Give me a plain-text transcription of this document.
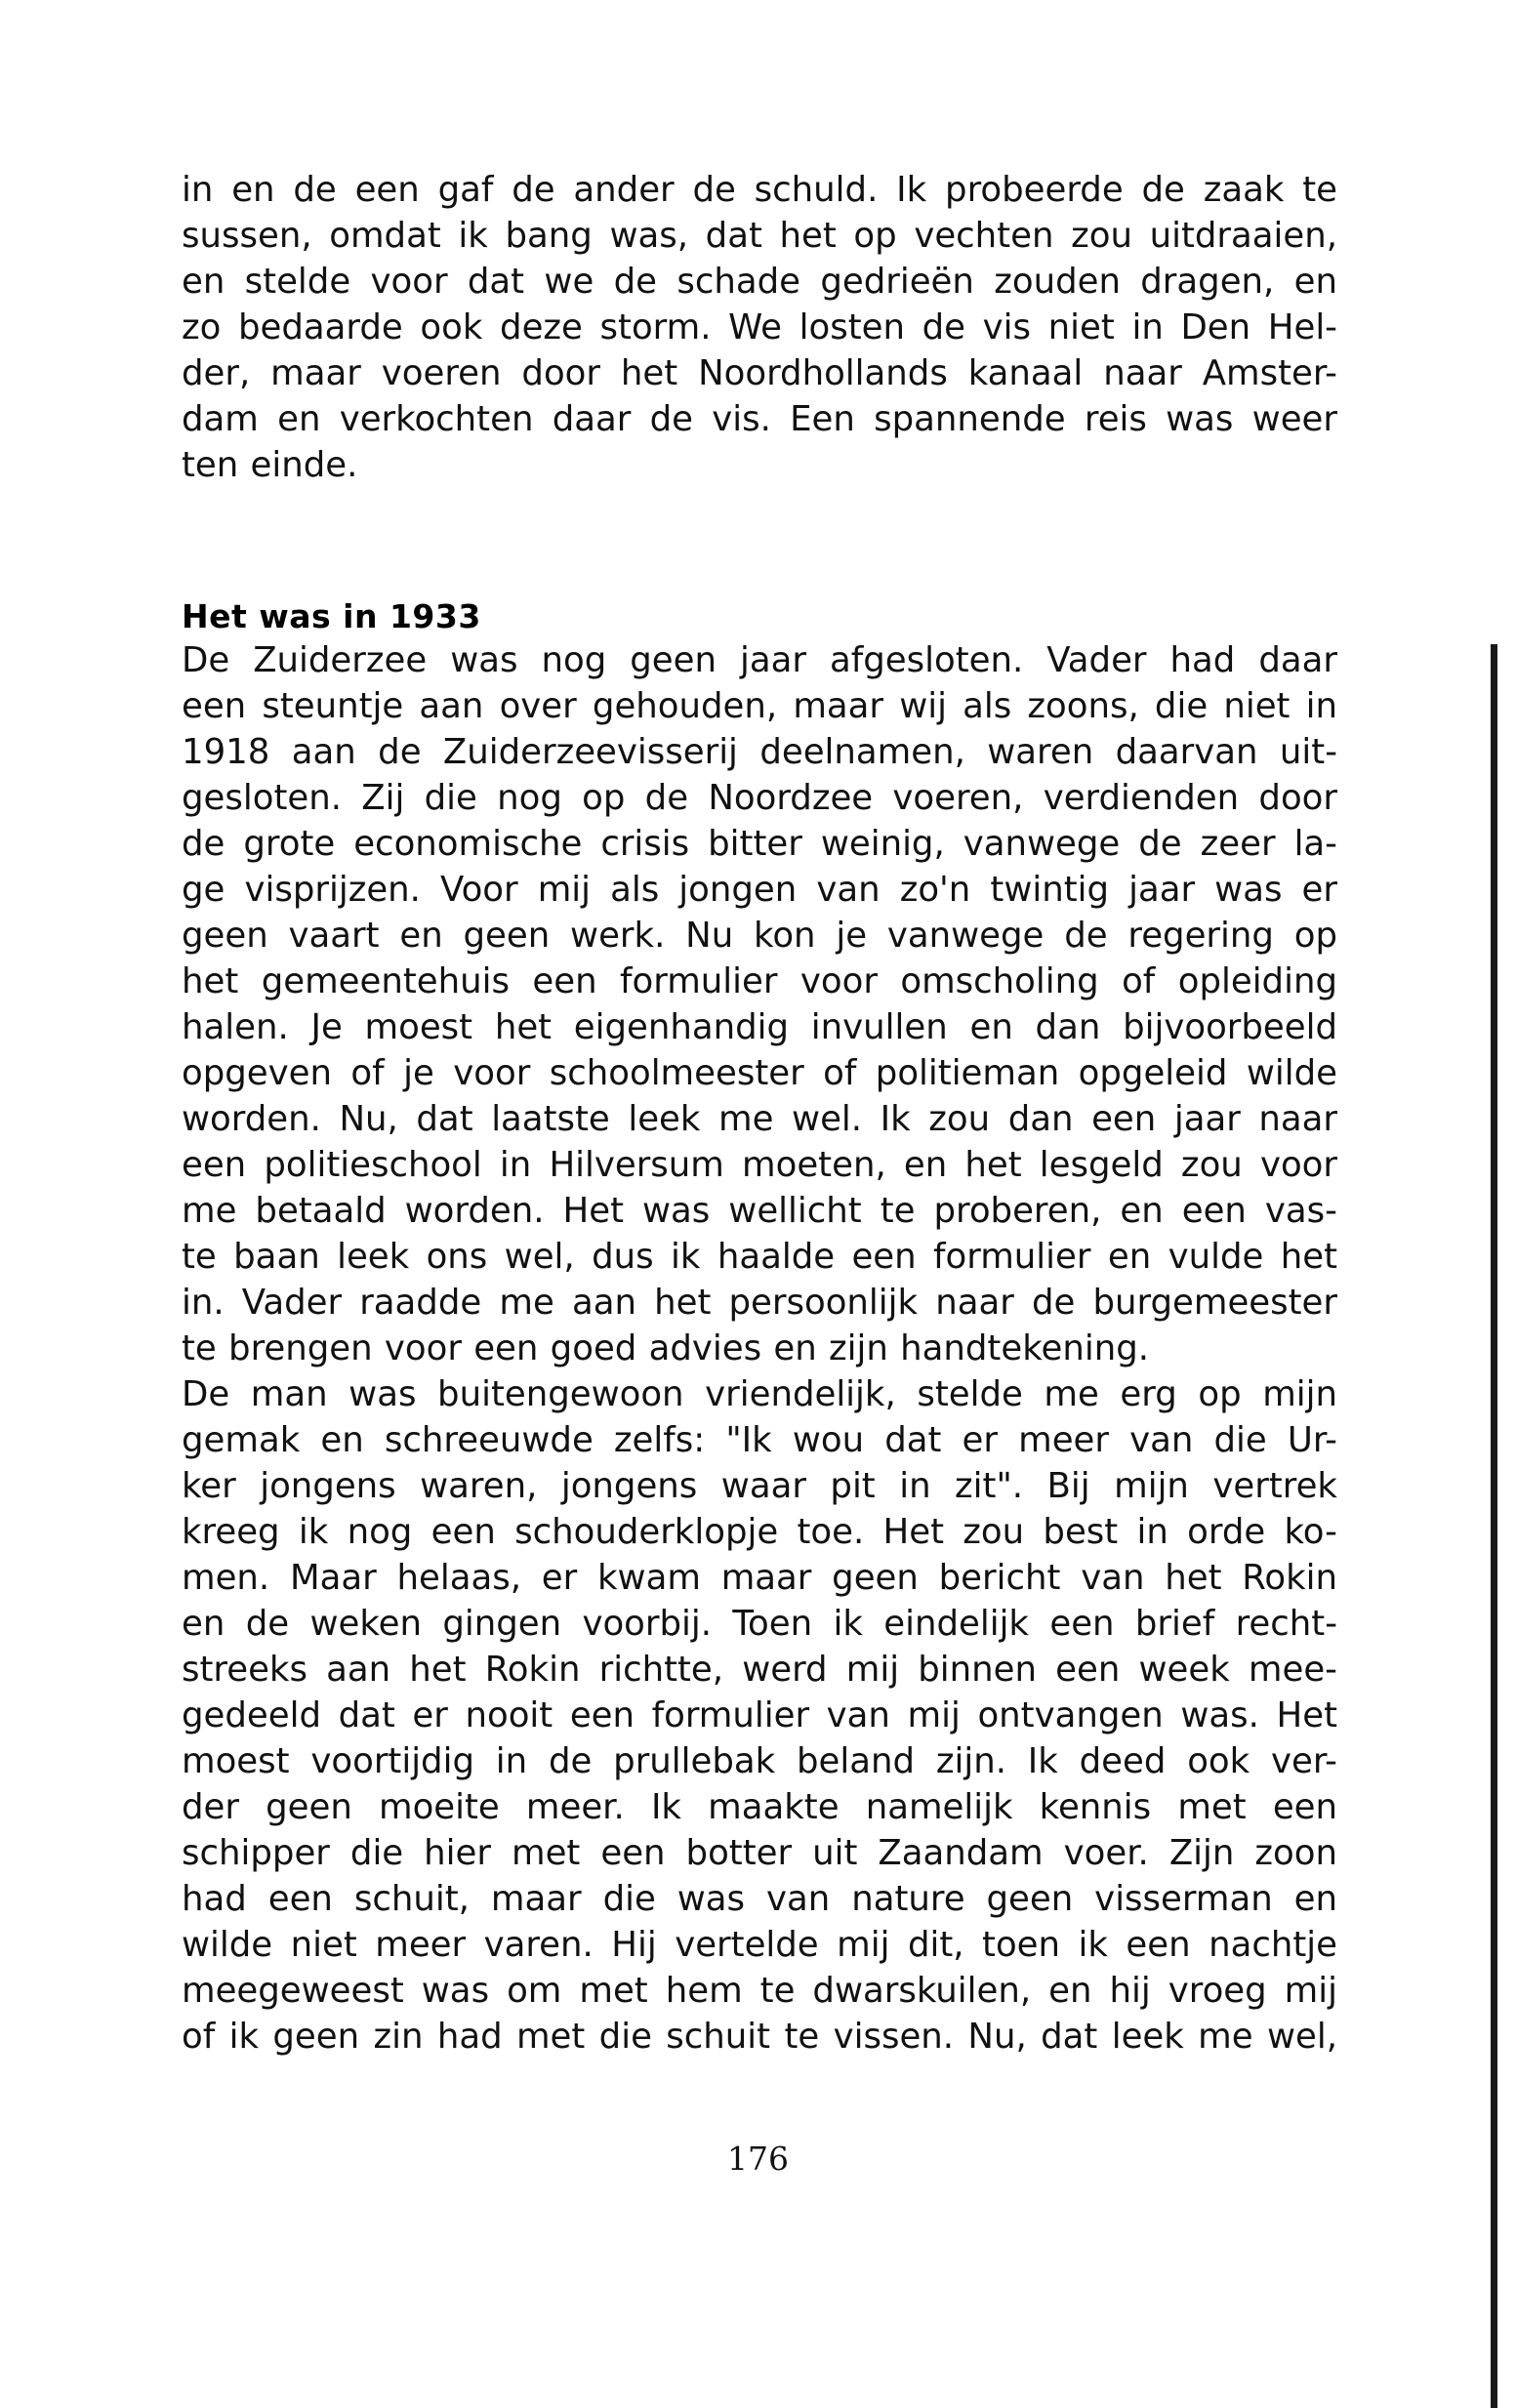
in en de een gaf de ander de schuld. Ik probeerde de zaak te
sussen, omdat ik bang was, dat het op vechten zou uitdraaien,
en stelde voor dat we de schade gedrieën zouden dragen, en
zo bedaarde ook deze storm. We losten de vis niet in Den Hel-
der, maar voeren door het Noordhollands kanaal naar Amster-
dam en verkochten daar de vis. Een spannende reis was weer
ten einde.
Het was in 1933
De Zuiderzee was nog geen jaar afgesloten. Vader had daar
een steuntje aan over gehouden, maar wij als zoons, die niet in
1918 aan de Zuiderzeevisserij deelnamen, waren daarvan uit-
gesloten. Zij die nog op de Noordzee voeren, verdienden door
de grote economische crisis bitter weinig, vanwege de zeer la-
ge visprijzen. Voor mij als jongen van zo'n twintig jaar was er
geen vaart en geen werk. Nu kon je vanwege de regering op
het gemeentehuis een formulier voor omscholing of opleiding
halen. Je moest het eigenhandig invullen en dan bijvoorbeeld
opgeven of je voor schoolmeester of politieman opgeleid wilde
worden. Nu, dat laatste leek me wel. Ik zou dan een jaar naar
een politieschool in Hilversum moeten, en het lesgeld zou voor
me betaald worden. Het was wellicht te proberen, en een vas-
te baan leek ons wel, dus ik haalde een formulier en vulde het
in. Vader raadde me aan het persoonlijk naar de burgemeester
te brengen voor een goed advies en zijn handtekening.
De man was buitengewoon vriendelijk, stelde me erg op mijn
gemak en schreeuwde zelfs: "Ik wou dat er meer van die Ur-
ker jongens waren, jongens waar pit in zit". Bij mijn vertrek
kreeg ik nog een schouderklopje toe. Het zou best in orde ko-
men. Maar helaas, er kwam maar geen bericht van het Rokin
en de weken gingen voorbij. Toen ik eindelijk een brief recht-
streeks aan het Rokin richtte, werd mij binnen een week mee-
gedeeld dat er nooit een formulier van mij ontvangen was. Het
moest voortijdig in de prullebak beland zijn. Ik deed ook ver-
der geen moeite meer. Ik maakte namelijk kennis met een
schipper die hier met een botter uit Zaandam voer. Zijn zoon
had een schuit, maar die was van nature geen visserman en
wilde niet meer varen. Hij vertelde mij dit, toen ik een nachtje
meegeweest was om met hem te dwarskuilen, en hij vroeg mij
of ik geen zin had met die schuit te vissen. Nu, dat leek me wel,
176
